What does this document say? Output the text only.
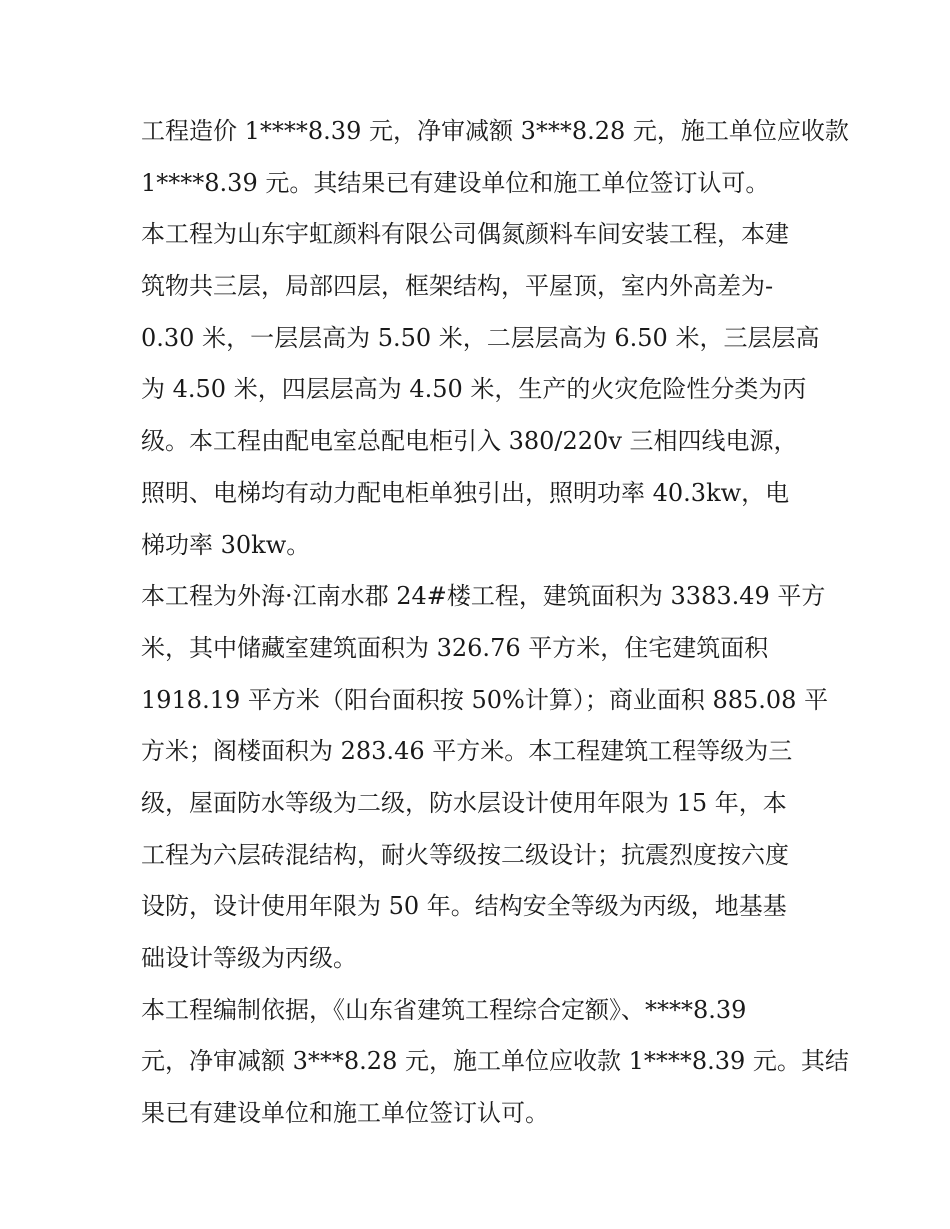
工程造价 1****8.39 元，净审减额 3***8.28 元，施工单位应收款
1****8.39 元。其结果已有建设单位和施工单位签订认可。
本工程为山东宇虹颜料有限公司偶氮颜料车间安装工程，本建
筑物共三层，局部四层，框架结构，平屋顶，室内外高差为-
0.30 米，一层层高为 5.50 米，二层层高为 6.50 米，三层层高
为 4.50 米，四层层高为 4.50 米，生产的火灾危险性分类为丙
级。本工程由配电室总配电柜引入 380/220v 三相四线电源，
照明、电梯均有动力配电柜单独引出，照明功率 40.3kw，电
梯功率 30kw。
本工程为外海·江南水郡 24#楼工程，建筑面积为 3383.49 平方
米，其中储藏室建筑面积为 326.76 平方米，住宅建筑面积
1918.19 平方米（阳台面积按 50%计算）；商业面积 885.08 平
方米；阁楼面积为 283.46 平方米。本工程建筑工程等级为三
级，屋面防水等级为二级，防水层设计使用年限为 15 年，本
工程为六层砖混结构，耐火等级按二级设计；抗震烈度按六度
设防，设计使用年限为 50 年。结构安全等级为丙级，地基基
础设计等级为丙级。
本工程编制依据，《山东省建筑工程综合定额》、****8.39
元，净审减额 3***8.28 元，施工单位应收款 1****8.39 元。其结
果已有建设单位和施工单位签订认可。
